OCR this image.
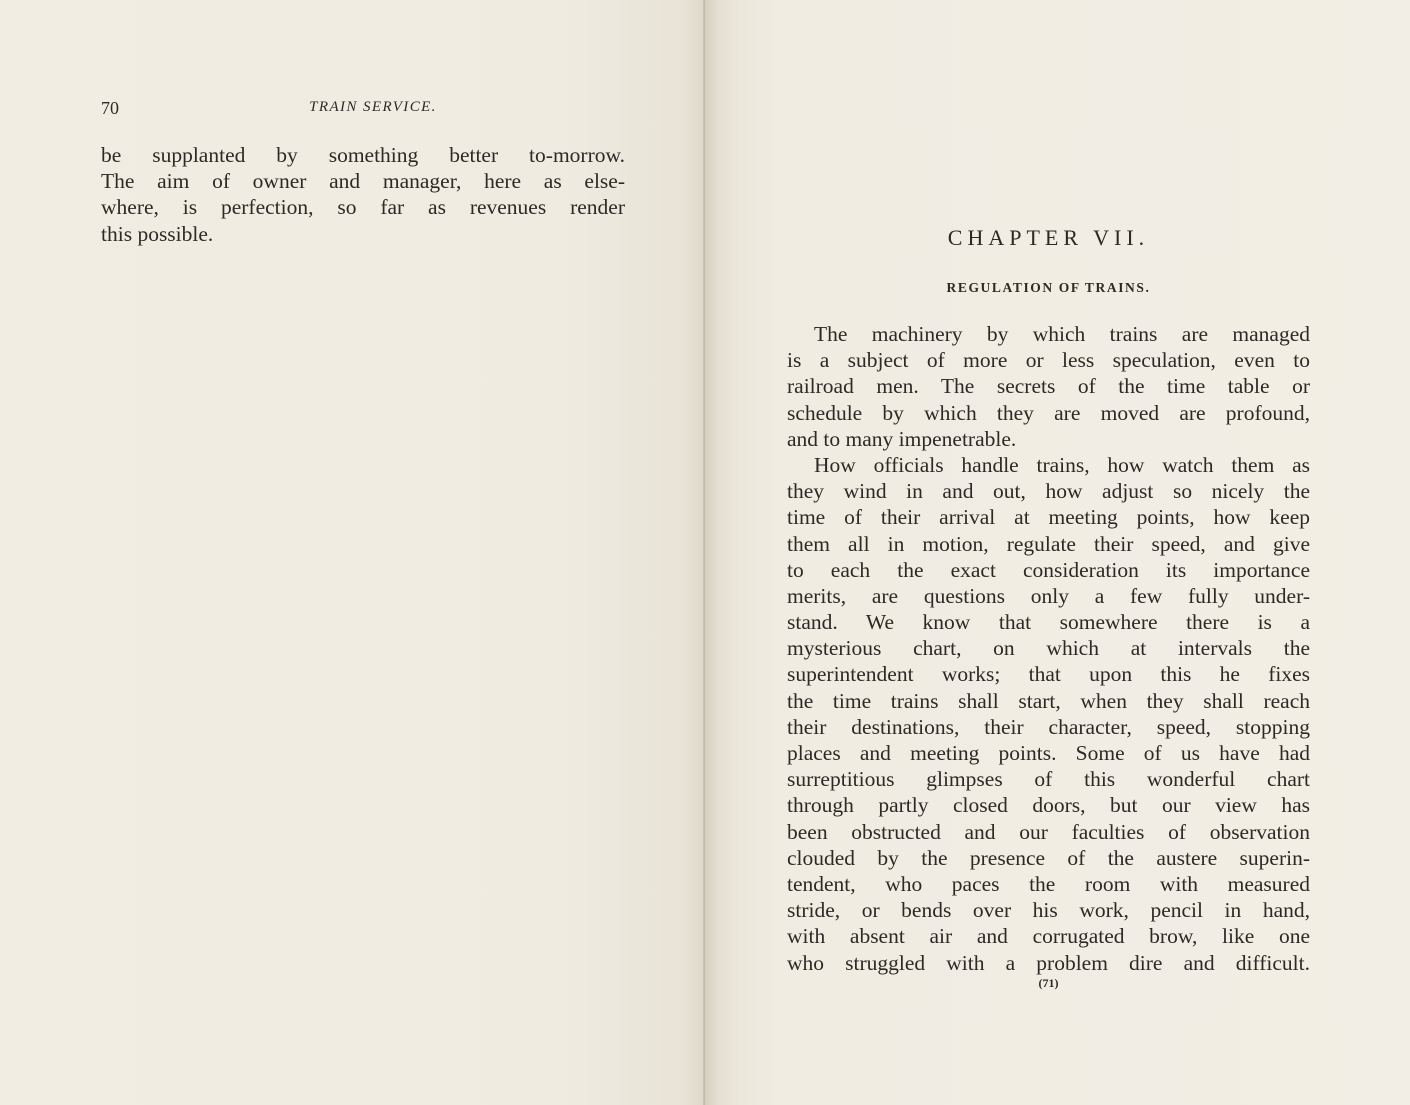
70	TRAIN SERVICE.
be supplanted by something better to-morrow.
The aim of owner and manager, here as else-
where, is perfection, so far as revenues render
this possible.	CHAPTER VII.
REGULATION OF TRAINS.
The machinery by which trains are managed
is a subject of more or less speculation, even to
railroad men. The secrets of the time table or
schedule by which they are moved are profound,
and to many impenetrable.
How officials handle trains, how watch them as
they wind in and out, how adjust so nicely the
time of their arrival at meeting points, how keep
them all in motion, regulate their speed, and give
to each the exact consideration its importance
merits, are questions only a few fully under-
stand. We know that somewhere there is a
mysterious chart, on which at intervals the
superintendent works; that upon this he fixes
the time trains shall start, when they shall reach
their destinations, their character, speed, stopping
places and meeting points. Some of us have had
surreptitious glimpses of this wonderful chart
through partly closed doors, but our view has
been obstructed and our faculties of observation
clouded by the presence of the austere superin-
tendent, who paces the room with measured
stride, or bends over his work, pencil in hand,
with absent air and corrugated brow, like one
who struggled with a problem dire and difficult.
(71)
